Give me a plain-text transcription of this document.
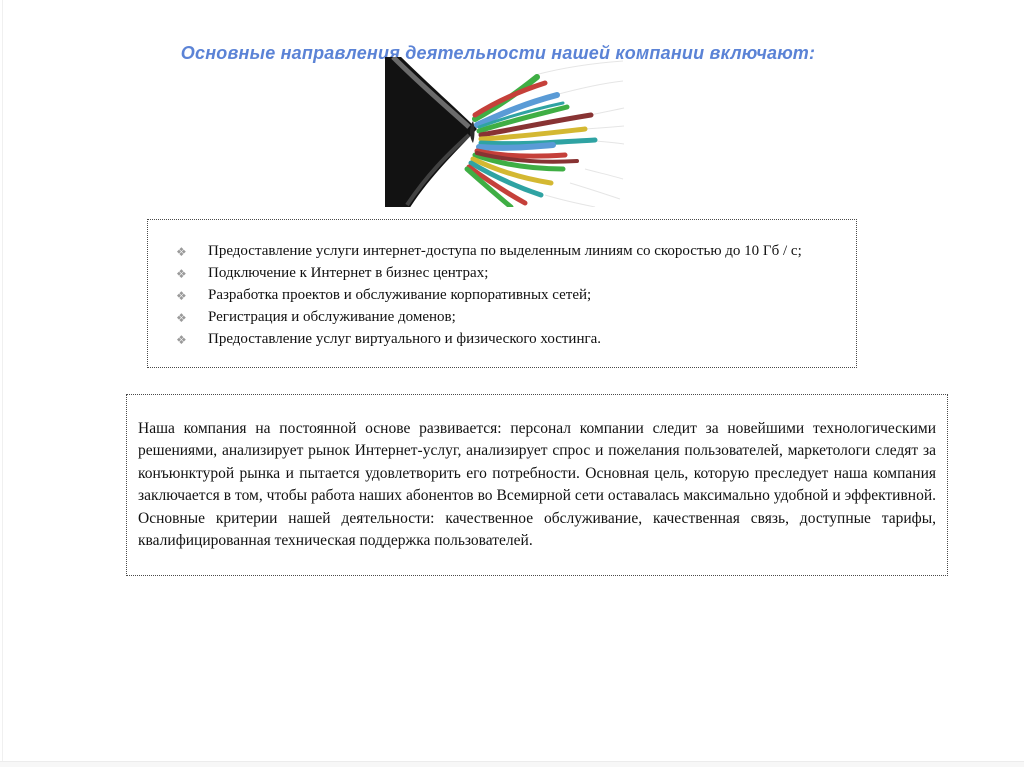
Основные направления деятельности нашей компании включают:
❖ Предоставление услуги интернет-доступа по выделенным линиям со скоростью до 10 Гб / с;
❖ Подключение к Интернет в бизнес центрах;
❖ Разработка проектов и обслуживание корпоративных сетей;
❖ Регистрация и обслуживание доменов;
❖ Предоставление услуг виртуального и физического хостинга.

Наша компания на постоянной основе развивается: персонал компании следит за новейшими технологическими решениями, анализирует рынок Интернет-услуг, анализирует спрос и пожелания пользователей, маркетологи следят за конъюнктурой рынка и пытается удовлетворить его потребности. Основная цель, которую преследует наша компания заключается в том, чтобы работа наших абонентов во Всемирной сети оставалась максимально удобной и эффективной. Основные критерии нашей деятельности: качественное обслуживание, качественная связь, доступные тарифы, квалифицированная техническая поддержка пользователей.
